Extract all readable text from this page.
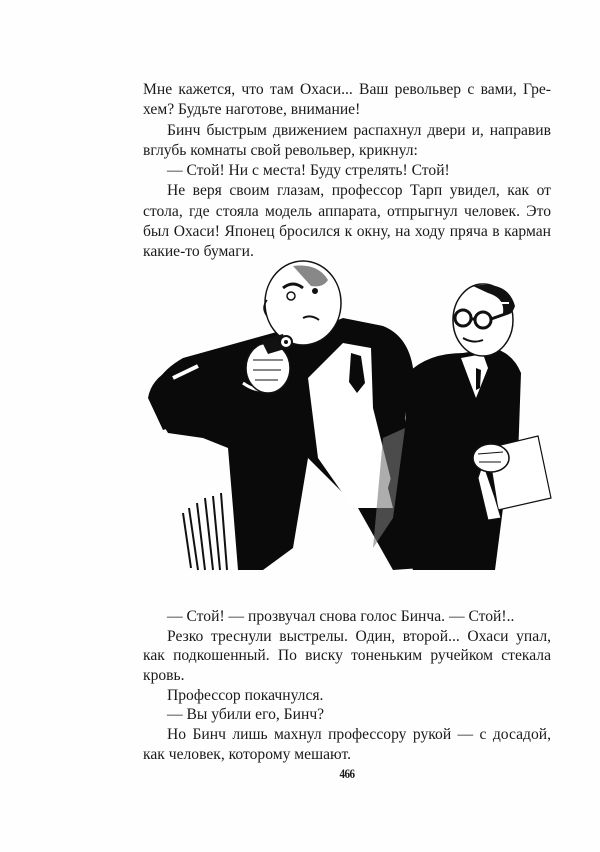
Мне кажется, что там Охаси... Ваш револьвер с вами, Гре-
хем? Будьте наготове, внимание!
Бинч быстрым движением распахнул двери и, направив
вглубь комнаты свой револьвер, крикнул:
— Стой! Ни с места! Буду стрелять! Стой!
Не веря своим глазам, профессор Тарп увидел, как от
стола, где стояла модель аппарата, отпрыгнул человек. Это
был Охаси! Японец бросился к окну, на ходу пряча в карман
какие-то бумаги.
— Стой! — прозвучал снова голос Бинча. — Стой!..
Резко треснули выстрелы. Один, второй... Охаси упал,
как подкошенный. По виску тоненьким ручейком стекала
кровь.
Профессор покачнулся.
— Вы убили его, Бинч?
Но Бинч лишь махнул профессору рукой — с досадой,
как человек, которому мешают.
466
